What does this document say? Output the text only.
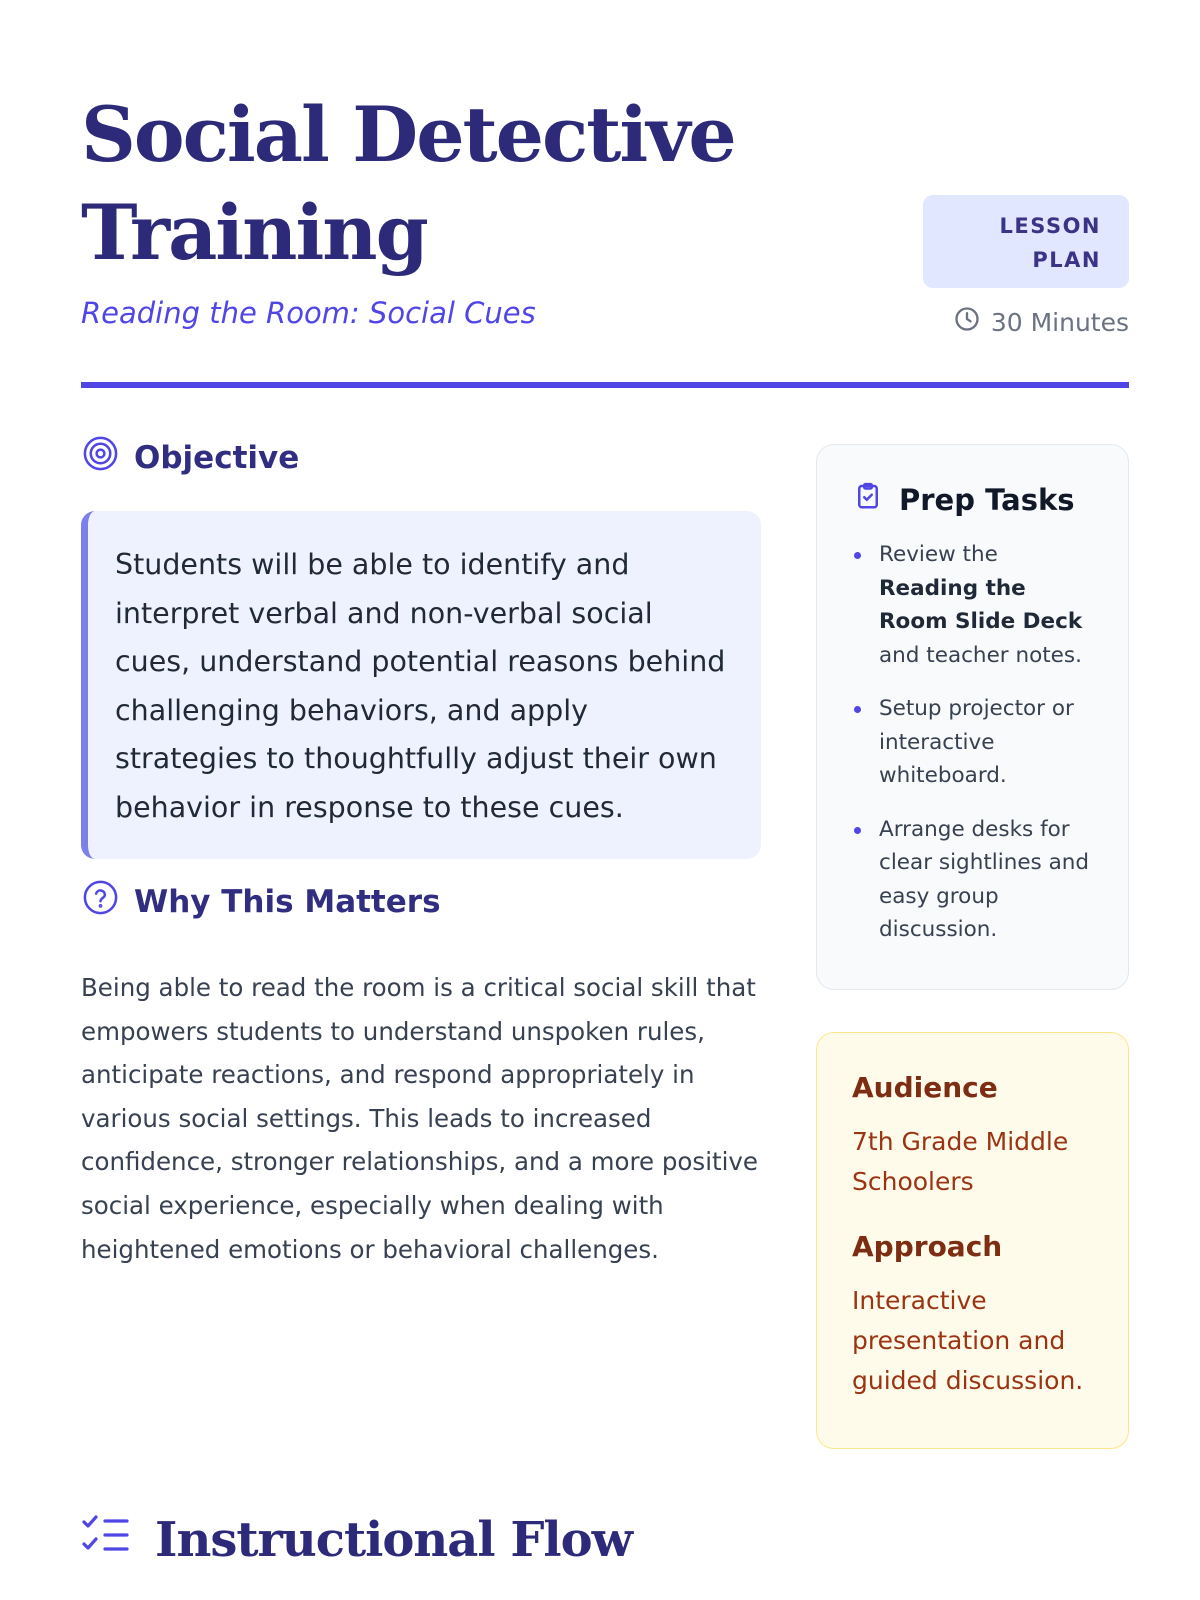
Social Detective Training
Reading the Room: Social Cues
LESSON PLAN
30 Minutes
Objective
Students will be able to identify and interpret verbal and non-verbal social cues, understand potential reasons behind challenging behaviors, and apply strategies to thoughtfully adjust their own behavior in response to these cues.
Why This Matters

Being able to read the room is a critical social skill that empowers students to understand unspoken rules, anticipate reactions, and respond appropriately in various social settings. This leads to increased confidence, stronger relationships, and a more positive social experience, especially when dealing with heightened emotions or behavioral challenges.

Prep Tasks
Review the Reading the Room Slide Deck and teacher notes.
Setup projector or interactive whiteboard.
Arrange desks for clear sightlines and easy group discussion.
Audience
7th Grade Middle Schoolers
Approach
Interactive presentation and guided discussion.
Instructional Flow
